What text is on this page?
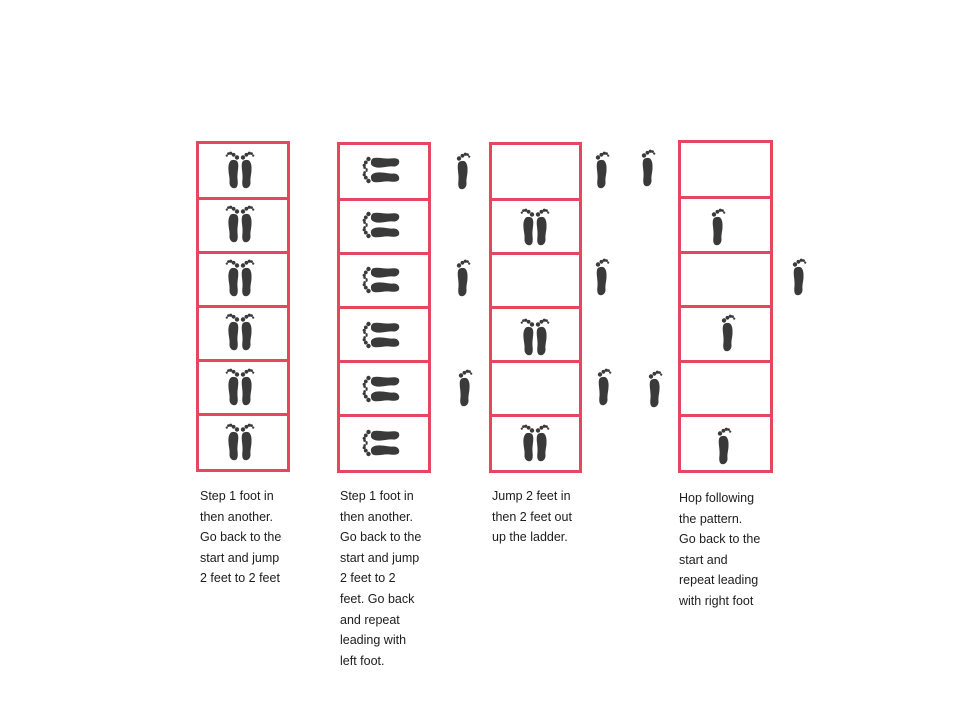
Step 1 foot in
then another.
Go back to the
start and jump
2 feet to 2 feet

Step 1 foot in
then another.
Go back to the
start and jump
2 feet to 2
feet. Go back
and repeat
leading with
left foot.

Jump 2 feet in
then 2 feet out
up the ladder.

Hop following
the pattern.
Go back to the
start and
repeat leading
with right foot
